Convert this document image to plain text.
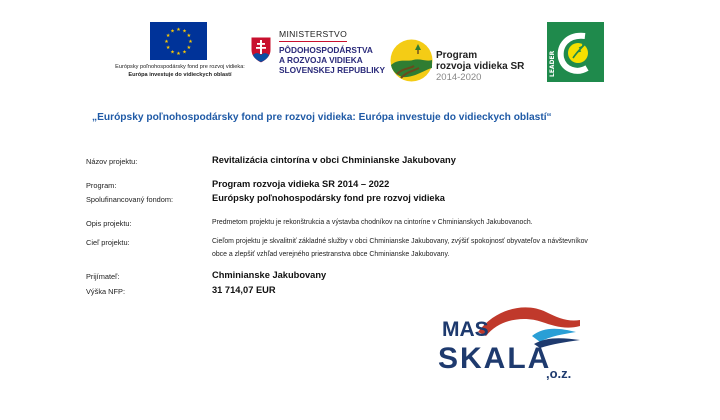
★ ★
★
★
★
★
★
★
★
★
★
★
Európsky poľnohospodársky fond pre rozvoj vidieka:
Európa investuje do vidieckych oblastí
MINISTERSTVO
PÔDOHOSPODÁRSTVA
A ROZVOJA VIDIEKA
SLOVENSKEJ REPUBLIKY
Program
rozvoja vidieka SR
2014-2020
LEADER
„Európsky poľnohospodársky fond pre rozvoj vidieka: Európa investuje do vidieckych oblastí“
Názov projektu:	Revitalizácia cintorína v obci Chminianske Jakubovany
Program:	Program rozvoja vidieka SR 2014 – 2022
Spolufinancovaný fondom:	Európsky poľnohospodársky fond pre rozvoj vidieka
Opis projektu:	Predmetom projektu je rekonštrukcia a výstavba chodníkov na cintoríne v Chminianskych Jakubovanoch.
Cieľ projektu:	Cieľom projektu je skvalitniť základné služby v obci Chminianske Jakubovany, zvýšiť spokojnosť obyvateľov a návštevníkov
obce a zlepšiť vzhľad verejného priestranstva obce Chminianske Jakubovany.
Prijímateľ:	Chminianske Jakubovany
Výška NFP:	31 714,07 EUR
MAS
SKALA
,o.z.
